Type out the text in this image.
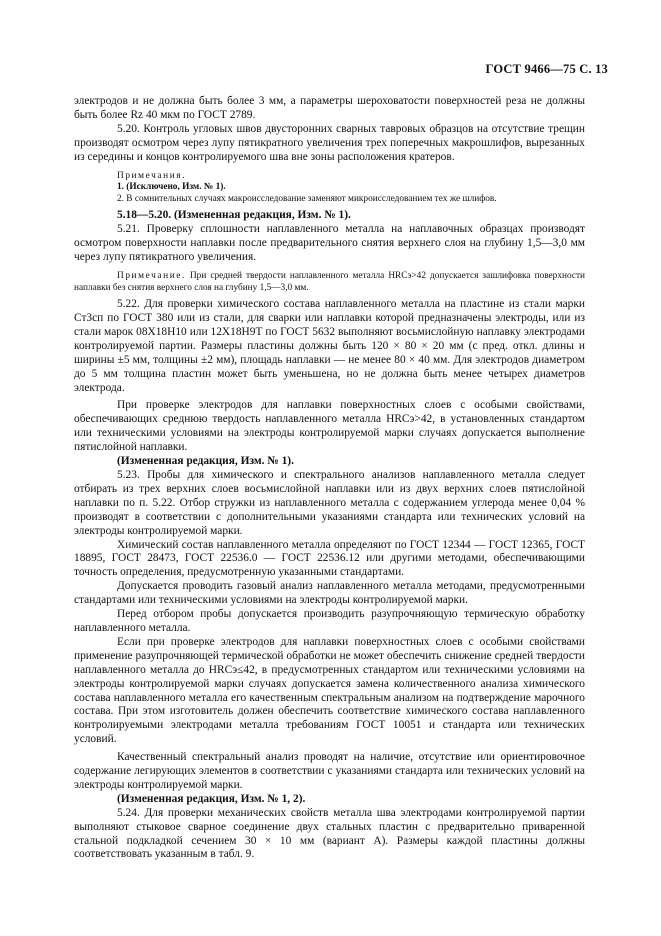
ГОСТ 9466—75 С. 13

электродов и не должна быть более 3 мм, а параметры шероховатости поверхностей реза не должны быть более Rz 40 мкм по ГОСТ 2789.

5.20. Контроль угловых швов двусторонних сварных тавровых образцов на отсутствие трещин производят осмотром через лупу пятикратного увеличения трех поперечных макрошлифов, вырезанных из середины и концов контролируемого шва вне зоны расположения кратеров.

Примечания.

1. (Исключено, Изм. № 1).

2. В сомнительных случаях макроисследование заменяют микроисследованием тех же шлифов.

5.18—5.20. (Измененная редакция, Изм. № 1).

5.21. Проверку сплошности наплавленного металла на наплавочных образцах производят осмотром поверхности наплавки после предварительного снятия верхнего слоя на глубину 1,5—3,0 мм через лупу пятикратного увеличения.

Примечание. При средней твердости наплавленного металла HRCэ>42 допускается зашлифовка поверхности наплавки без снятия верхнего слоя на глубину 1,5—3,0 мм.

5.22. Для проверки химического состава наплавленного металла на пластине из стали марки Ст3сп по ГОСТ 380 или из стали, для сварки или наплавки которой предназначены электроды, или из стали марок 08Х18Н10 или 12Х18Н9Т по ГОСТ 5632 выполняют восьмислойную наплавку электродами контролируемой партии. Размеры пластины должны быть 120 × 80 × 20 мм (с пред. откл. длины и ширины ±5 мм, толщины ±2 мм), площадь наплавки — не менее 80 × 40 мм. Для электродов диаметром до 5 мм толщина пластин может быть уменьшена, но не должна быть менее четырех диаметров электрода.

При проверке электродов для наплавки поверхностных слоев с особыми свойствами, обеспечивающих среднюю твердость наплавленного металла HRCэ>42, в установленных стандартом или техническими условиями на электроды контролируемой марки случаях допускается выполнение пятислойной наплавки.

(Измененная редакция, Изм. № 1).

5.23. Пробы для химического и спектрального анализов наплавленного металла следует отбирать из трех верхних слоев восьмислойной наплавки или из двух верхних слоев пятислойной наплавки по п. 5.22. Отбор стружки из наплавленного металла с содержанием углерода менее 0,04 % производят в соответствии с дополнительными указаниями стандарта или технических условий на электроды контролируемой марки.

Химический состав наплавленного металла определяют по ГОСТ 12344 — ГОСТ 12365, ГОСТ 18895, ГОСТ 28473, ГОСТ 22536.0 — ГОСТ 22536.12 или другими методами, обеспечивающими точность определения, предусмотренную указанными стандартами.

Допускается проводить газовый анализ наплавленного металла методами, предусмотренными стандартами или техническими условиями на электроды контролируемой марки.

Перед отбором пробы допускается производить разупрочняющую термическую обработку наплавленного металла.

Если при проверке электродов для наплавки поверхностных слоев с особыми свойствами применение разупрочняющей термической обработки не может обеспечить снижение средней твердости наплавленного металла до HRCэ≤42, в предусмотренных стандартом или техническими условиями на электроды контролируемой марки случаях допускается замена количественного анализа химического состава наплавленного металла его качественным спектральным анализом на подтверждение марочного состава. При этом изготовитель должен обеспечить соответствие химического состава наплавленного контролируемыми электродами металла требованиям ГОСТ 10051 и стандарта или технических условий.

Качественный спектральный анализ проводят на наличие, отсутствие или ориентировочное содержание легирующих элементов в соответствии с указаниями стандарта или технических условий на электроды контролируемой марки.

(Измененная редакция, Изм. № 1, 2).

5.24. Для проверки механических свойств металла шва электродами контролируемой партии выполняют стыковое сварное соединение двух стальных пластин с предварительно приваренной стальной подкладкой сечением 30 × 10 мм (вариант А). Размеры каждой пластины должны соответствовать указанным в табл. 9.
